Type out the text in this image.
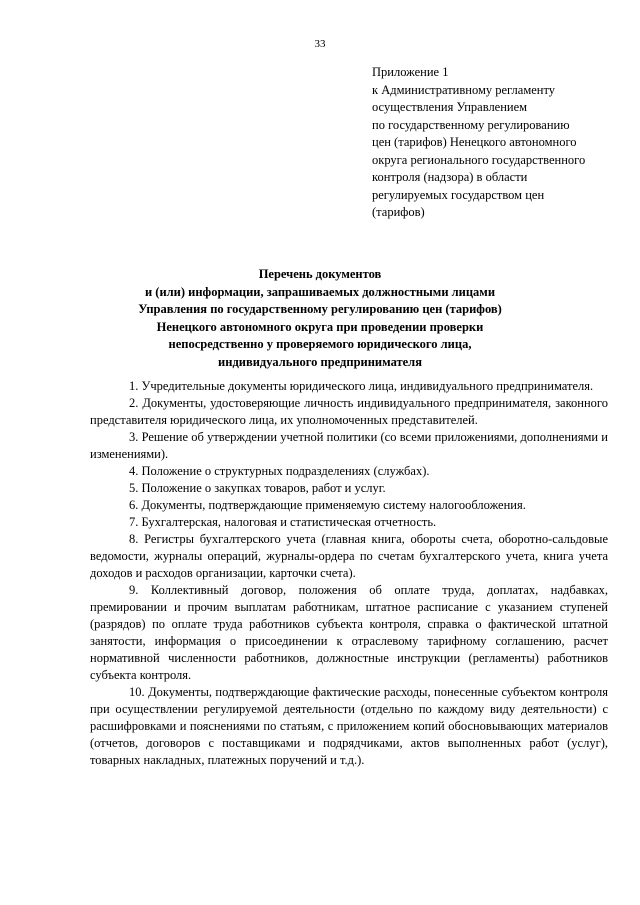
33
Приложение 1
к Административному регламенту
осуществления Управлением
по государственному регулированию
цен (тарифов) Ненецкого автономного
округа регионального государственного
контроля (надзора) в области
регулируемых государством цен
(тарифов)
Перечень документов
и (или) информации, запрашиваемых должностными лицами
Управления по государственному регулированию цен (тарифов)
Ненецкого автономного округа при проведении проверки
непосредственно у проверяемого юридического лица,
индивидуального предпринимателя

1. Учредительные документы юридического лица, индивидуального предпринимателя.

2. Документы, удостоверяющие личность индивидуального предпринимателя, законного представителя юридического лица, их уполномоченных представителей.

3. Решение об утверждении учетной политики (со всеми приложениями, дополнениями и изменениями).

4. Положение о структурных подразделениях (службах).

5. Положение о закупках товаров, работ и услуг.

6. Документы, подтверждающие применяемую систему налогообложения.

7. Бухгалтерская, налоговая и статистическая отчетность.

8. Регистры бухгалтерского учета (главная книга, обороты счета, оборотно-сальдовые ведомости, журналы операций, журналы-ордера по счетам бухгалтерского учета, книга учета доходов и расходов организации, карточки счета).

9. Коллективный договор, положения об оплате труда, доплатах, надбавках, премировании и прочим выплатам работникам, штатное расписание с указанием ступеней (разрядов) по оплате труда работников субъекта контроля, справка о фактической штатной занятости, информация о присоединении к отраслевому тарифному соглашению, расчет нормативной численности работников, должностные инструкции (регламенты) работников субъекта контроля.

10. Документы, подтверждающие фактические расходы, понесенные субъектом контроля при осуществлении регулируемой деятельности (отдельно по каждому виду деятельности) с расшифровками и пояснениями по статьям, с приложением копий обосновывающих материалов (отчетов, договоров с поставщиками и подрядчиками, актов выполненных работ (услуг), товарных накладных, платежных поручений и т.д.).
